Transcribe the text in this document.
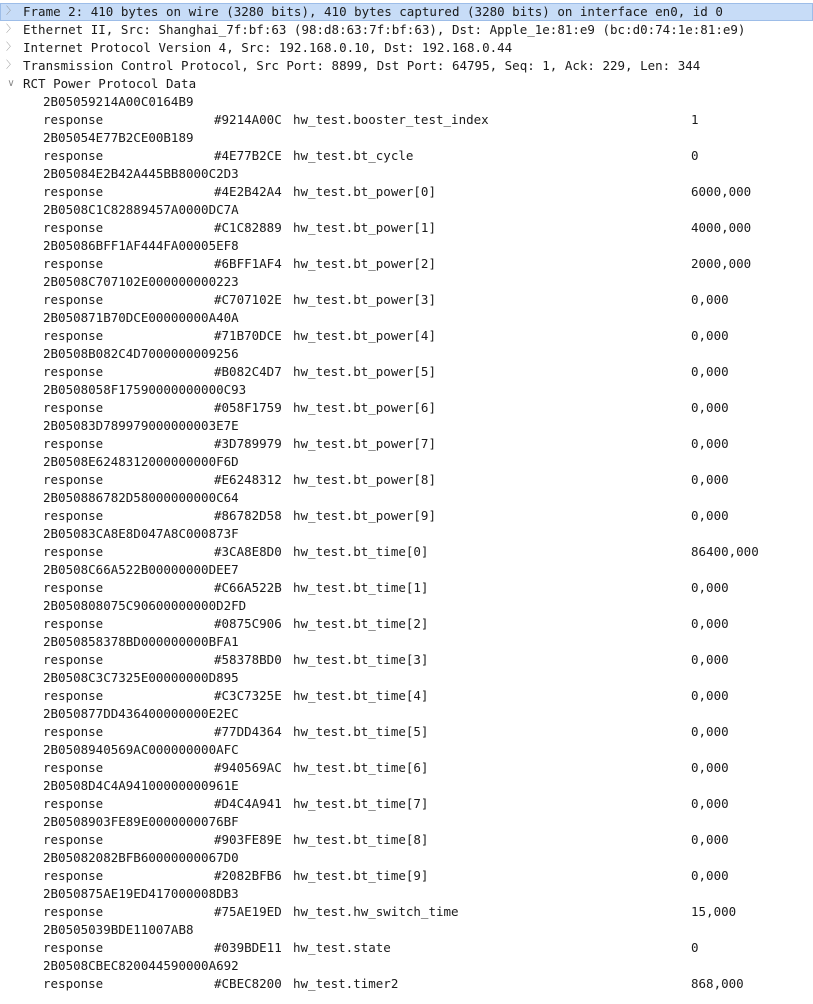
〉 Frame 2: 410 bytes on wire (3280 bits), 410 bytes captured (3280 bits) on interface en0, id 0
〉 Ethernet II, Src: Shanghai_7f:bf:63 (98:d8:63:7f:bf:63), Dst: Apple_1e:81:e9 (bc:d0:74:1e:81:e9)
〉 Internet Protocol Version 4, Src: 192.168.0.10, Dst: 192.168.0.44
〉 Transmission Control Protocol, Src Port: 8899, Dst Port: 64795, Seq: 1, Ack: 229, Len: 344
∨ RCT Power Protocol Data
2B05059214A00C0164B9
response	#9214A00C hw_test.booster_test_index	1
2B05054E77B2CE00B189
response	#4E77B2CE hw_test.bt_cycle	0
2B05084E2B42A445BB8000C2D3
response	#4E2B42A4 hw_test.bt_power[0]	6000,000
2B0508C1C82889457A0000DC7A
response	#C1C82889 hw_test.bt_power[1]	4000,000
2B05086BFF1AF444FA00005EF8
response	#6BFF1AF4 hw_test.bt_power[2]	2000,000
2B0508C707102E000000000223
response	#C707102E hw_test.bt_power[3]	0,000
2B050871B70DCE00000000A40A
response	#71B70DCE hw_test.bt_power[4]	0,000
2B0508B082C4D7000000009256
response	#B082C4D7 hw_test.bt_power[5]	0,000
2B0508058F17590000000000C93
response	#058F1759 hw_test.bt_power[6]	0,000
2B05083D789979000000003E7E
response	#3D789979 hw_test.bt_power[7]	0,000
2B0508E6248312000000000F6D
response	#E6248312 hw_test.bt_power[8]	0,000
2B050886782D58000000000C64
response	#86782D58 hw_test.bt_power[9]	0,000
2B05083CA8E8D047A8C000873F
response	#3CA8E8D0 hw_test.bt_time[0]	86400,000
2B0508C66A522B00000000DEE7
response	#C66A522B hw_test.bt_time[1]	0,000
2B050808075C90600000000D2FD
response	#0875C906 hw_test.bt_time[2]	0,000
2B050858378BD000000000BFA1
response	#58378BD0 hw_test.bt_time[3]	0,000
2B0508C3C7325E00000000D895
response	#C3C7325E hw_test.bt_time[4]	0,000
2B050877DD436400000000E2EC
response	#77DD4364 hw_test.bt_time[5]	0,000
2B0508940569AC000000000AFC
response	#940569AC hw_test.bt_time[6]	0,000
2B0508D4C4A94100000000961E
response	#D4C4A941 hw_test.bt_time[7]	0,000
2B0508903FE89E0000000076BF
response	#903FE89E hw_test.bt_time[8]	0,000
2B05082082BFB60000000067D0
response	#2082BFB6 hw_test.bt_time[9]	0,000
2B050875AE19ED417000008DB3
response	#75AE19ED hw_test.hw_switch_time	15,000
2B0505039BDE11007AB8
response	#039BDE11 hw_test.state	0
2B0508CBEC820044590000A692
response	#CBEC8200 hw_test.timer2	868,000
